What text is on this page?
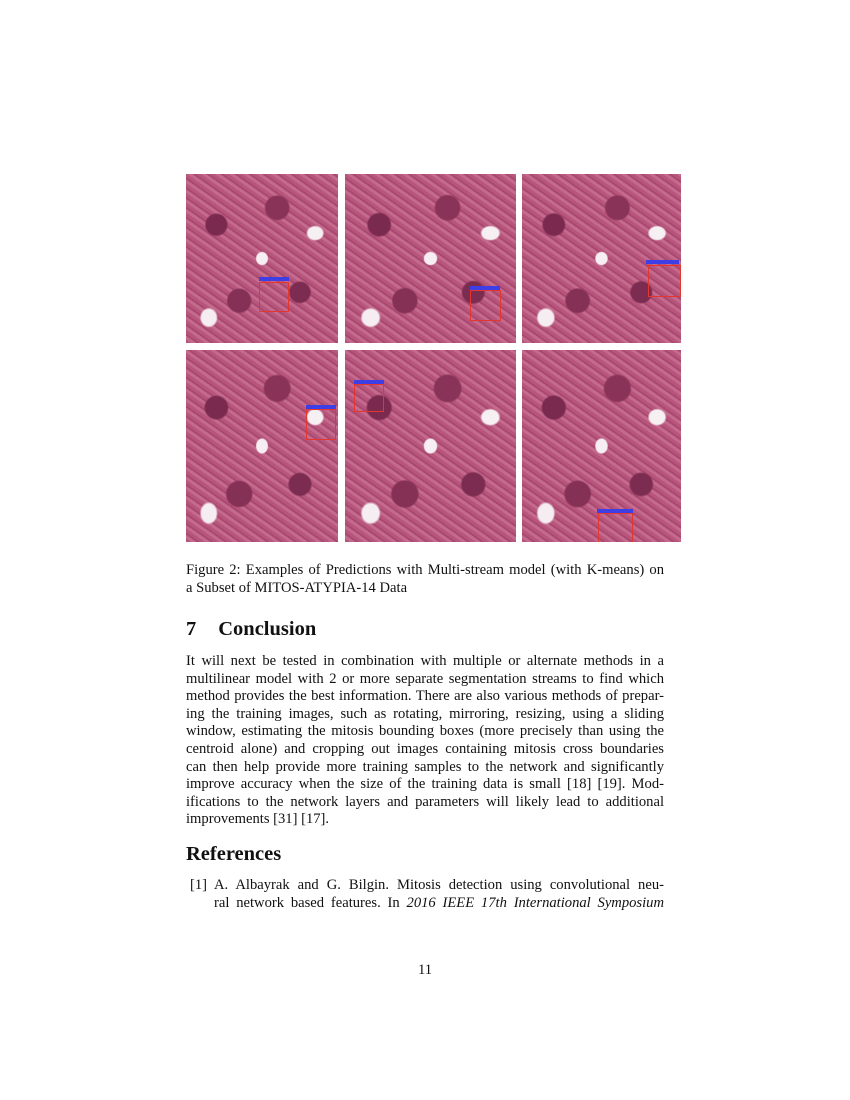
Figure 2: Examples of Predictions with Multi-stream model (with K-means) on
a Subset of MITOS-ATYPIA-14 Data
7 Conclusion
It will next be tested in combination with multiple or alternate methods in a
multilinear model with 2 or more separate segmentation streams to find which
method provides the best information. There are also various methods of prepar-
ing the training images, such as rotating, mirroring, resizing, using a sliding
window, estimating the mitosis bounding boxes (more precisely than using the
centroid alone) and cropping out images containing mitosis cross boundaries
can then help provide more training samples to the network and significantly
improve accuracy when the size of the training data is small [18] [19]. Mod-
ifications to the network layers and parameters will likely lead to additional
improvements [31] [17].
References
[1] A. Albayrak and G. Bilgin. Mitosis detection using convolutional neu-
ral network based features. In 2016 IEEE 17th International Symposium
11
